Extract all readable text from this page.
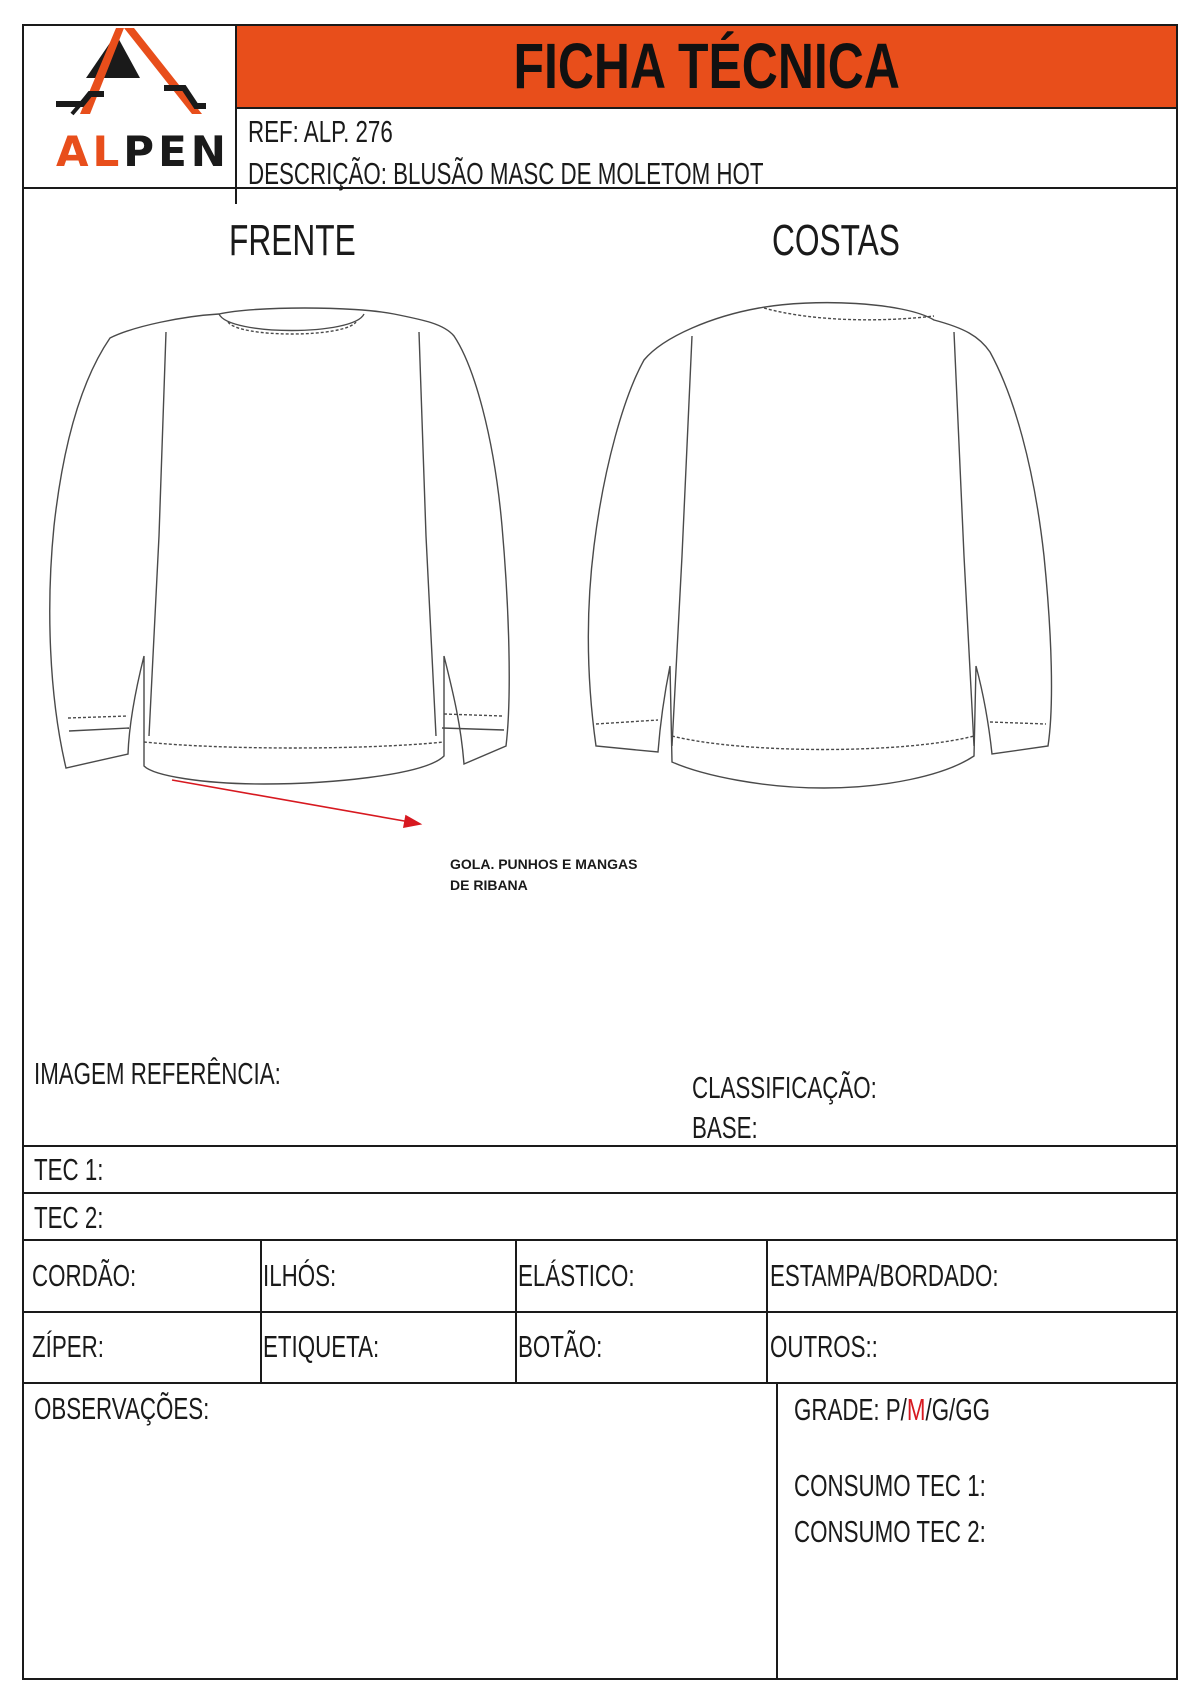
ALPEN
FICHA TÉCNICA
REF: ALP. 276
DESCRIÇÃO: BLUSÃO MASC DE MOLETOM HOT
FRENTE	COSTAS
GOLA. PUNHOS E MANGAS
DE RIBANA
IMAGEM REFERÊNCIA:	CLASSIFICAÇÃO:
BASE:
TEC 1:
TEC 2:
CORDÃO:	ILHÓS:	ELÁSTICO:	ESTAMPA/BORDADO:
ZÍPER:	ETIQUETA:	BOTÃO:	OUTROS::
OBSERVAÇÕES:	GRADE: P/M/G/GG
CONSUMO TEC 1:
CONSUMO TEC 2:
